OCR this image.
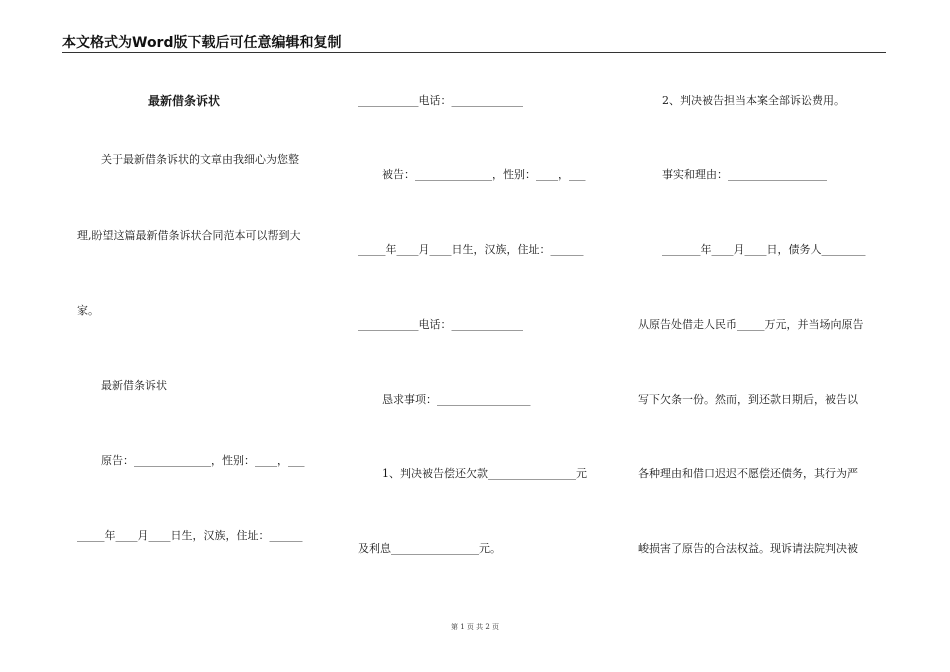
本文格式为Word版下载后可任意编辑和复制
最新借条诉状
关于最新借条诉状的文章由我细心为您整
理,盼望这篇最新借条诉状合同范本可以帮到大
家。
最新借条诉状
原告：______________，性别：____，___
_____年____月____日生，汉族，住址：______
___________电话：_____________
被告：______________，性别：____，___
_____年____月____日生，汉族，住址：______
___________电话：_____________
恳求事项：_________________
1、判决被告偿还欠款________________元
及利息________________元。
2、判决被告担当本案全部诉讼费用。
事实和理由：__________________
_______年____月____日，债务人________
从原告处借走人民币_____万元，并当场向原告
写下欠条一份。然而，到还款日期后，被告以
各种理由和借口迟迟不愿偿还债务，其行为严
峻损害了原告的合法权益。现诉请法院判决被
第 1 页 共 2 页
